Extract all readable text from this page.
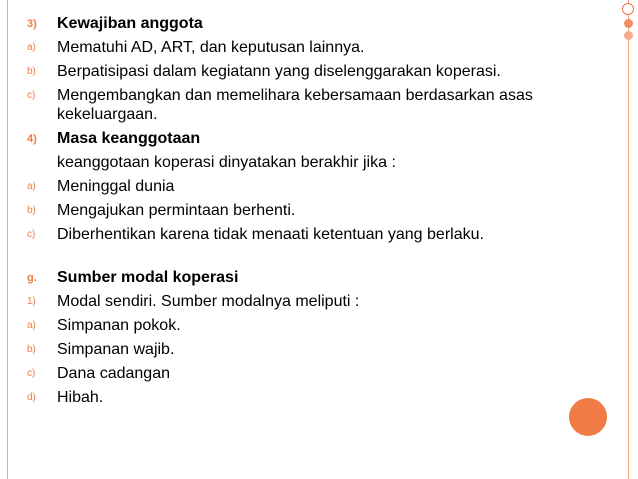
3)	Kewajiban anggota
a)	Mematuhi AD, ART, dan keputusan lainnya.
b)	Berpatisipasi dalam kegiatann yang diselenggarakan koperasi.
c)	Mengembangkan dan memelihara kebersamaan berdasarkan asas kekeluargaan.
4)	Masa keanggotaan
keanggotaan koperasi dinyatakan berakhir jika :
a)	Meninggal dunia
b)	Mengajukan permintaan berhenti.
c)	Diberhentikan karena tidak menaati ketentuan yang berlaku.
g.	Sumber modal koperasi
1)	Modal sendiri. Sumber modalnya meliputi :
a)	Simpanan pokok.
b)	Simpanan wajib.
c)	Dana cadangan
d)	Hibah.
